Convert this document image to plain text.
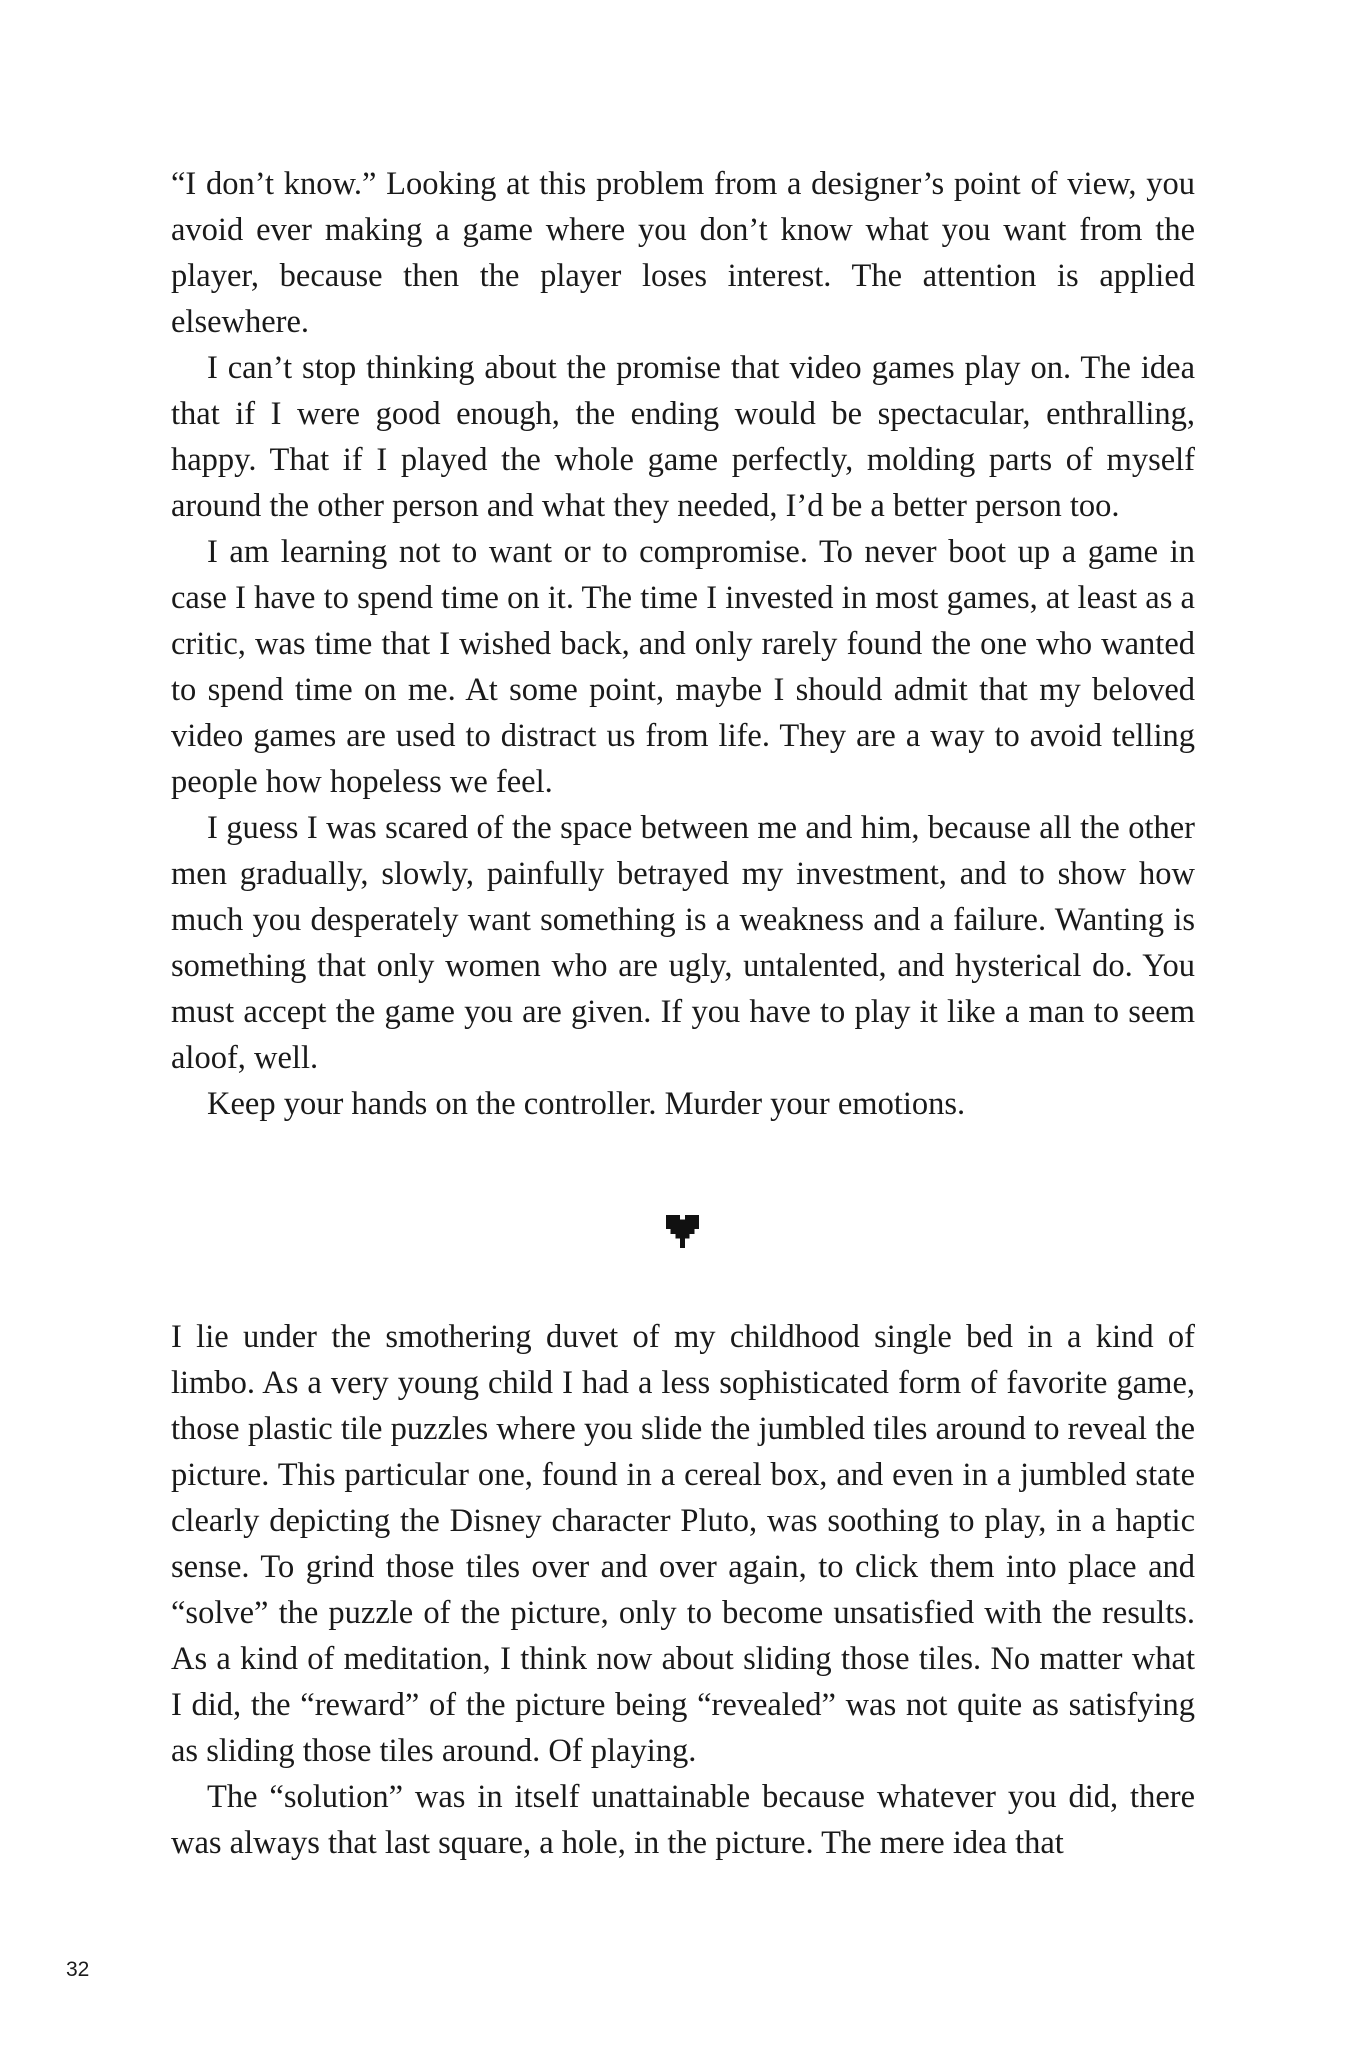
“I don’t know.” Looking at this problem from a designer’s point of view, you avoid ever making a game where you don’t know what you want from the player, because then the player loses interest. The attention is applied elsewhere.

I can’t stop thinking about the promise that video games play on. The idea that if I were good enough, the ending would be spectacular, enthralling, happy. That if I played the whole game perfectly, molding parts of myself around the other person and what they needed, I’d be a better person too.

I am learning not to want or to compromise. To never boot up a game in case I have to spend time on it. The time I invested in most games, at least as a critic, was time that I wished back, and only rarely found the one who wanted to spend time on me. At some point, maybe I should admit that my beloved video games are used to distract us from life. They are a way to avoid telling people how hopeless we feel.

I guess I was scared of the space between me and him, because all the other men gradually, slowly, painfully betrayed my investment, and to show how much you desperately want something is a weakness and a failure. Wanting is something that only women who are ugly, untalented, and hysterical do. You must accept the game you are given. If you have to play it like a man to seem aloof, well.

Keep your hands on the controller. Murder your emotions.

I lie under the smothering duvet of my childhood single bed in a kind of limbo. As a very young child I had a less sophisticated form of favorite game, those plastic tile puzzles where you slide the jumbled tiles around to reveal the picture. This particular one, found in a cereal box, and even in a jumbled state clearly depicting the Disney character Pluto, was soothing to play, in a haptic sense. To grind those tiles over and over again, to click them into place and “solve” the puzzle of the picture, only to become unsatisfied with the results. As a kind of meditation, I think now about sliding those tiles. No matter what I did, the “reward” of the picture being “revealed” was not quite as satisfying as sliding those tiles around. Of playing.

The “solution” was in itself unattainable because whatever you did, there was always that last square, a hole, in the picture. The mere idea that

32
